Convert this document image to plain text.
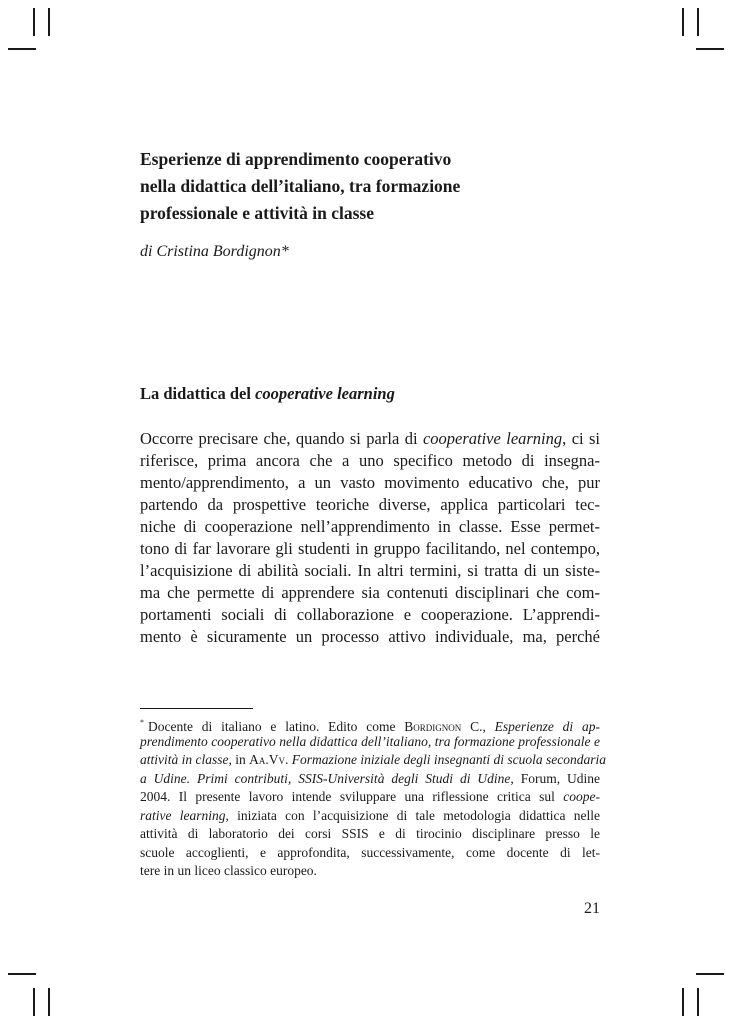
Esperienze di apprendimento cooperativo
nella didattica dell’italiano, tra formazione
professionale e attività in classe

di Cristina Bordignon*

La didattica del cooperative learning
Occorre precisare che, quando si parla di cooperative learning, ci si
riferisce, prima ancora che a uno specifico metodo di insegna-
mento/apprendimento, a un vasto movimento educativo che, pur
partendo da prospettive teoriche diverse, applica particolari tec-
niche di cooperazione nell’apprendimento in classe. Esse permet-
tono di far lavorare gli studenti in gruppo facilitando, nel contempo,
l’acquisizione di abilità sociali. In altri termini, si tratta di un siste-
ma che permette di apprendere sia contenuti disciplinari che com-
portamenti sociali di collaborazione e cooperazione. L’apprendi-
mento è sicuramente un processo attivo individuale, ma, perché
* Docente di italiano e latino. Edito come Bordignon C., Esperienze di ap-
prendimento cooperativo nella didattica dell’italiano, tra formazione professionale e
attività in classe, in Aa.Vv. Formazione iniziale degli insegnanti di scuola secondaria
a Udine. Primi contributi, SSIS-Università degli Studi di Udine, Forum, Udine
2004. Il presente lavoro intende sviluppare una riflessione critica sul coope-
rative learning, iniziata con l’acquisizione di tale metodologia didattica nelle
attività di laboratorio dei corsi SSIS e di tirocinio disciplinare presso le
scuole accoglienti, e approfondita, successivamente, come docente di let-
tere in un liceo classico europeo.

21
